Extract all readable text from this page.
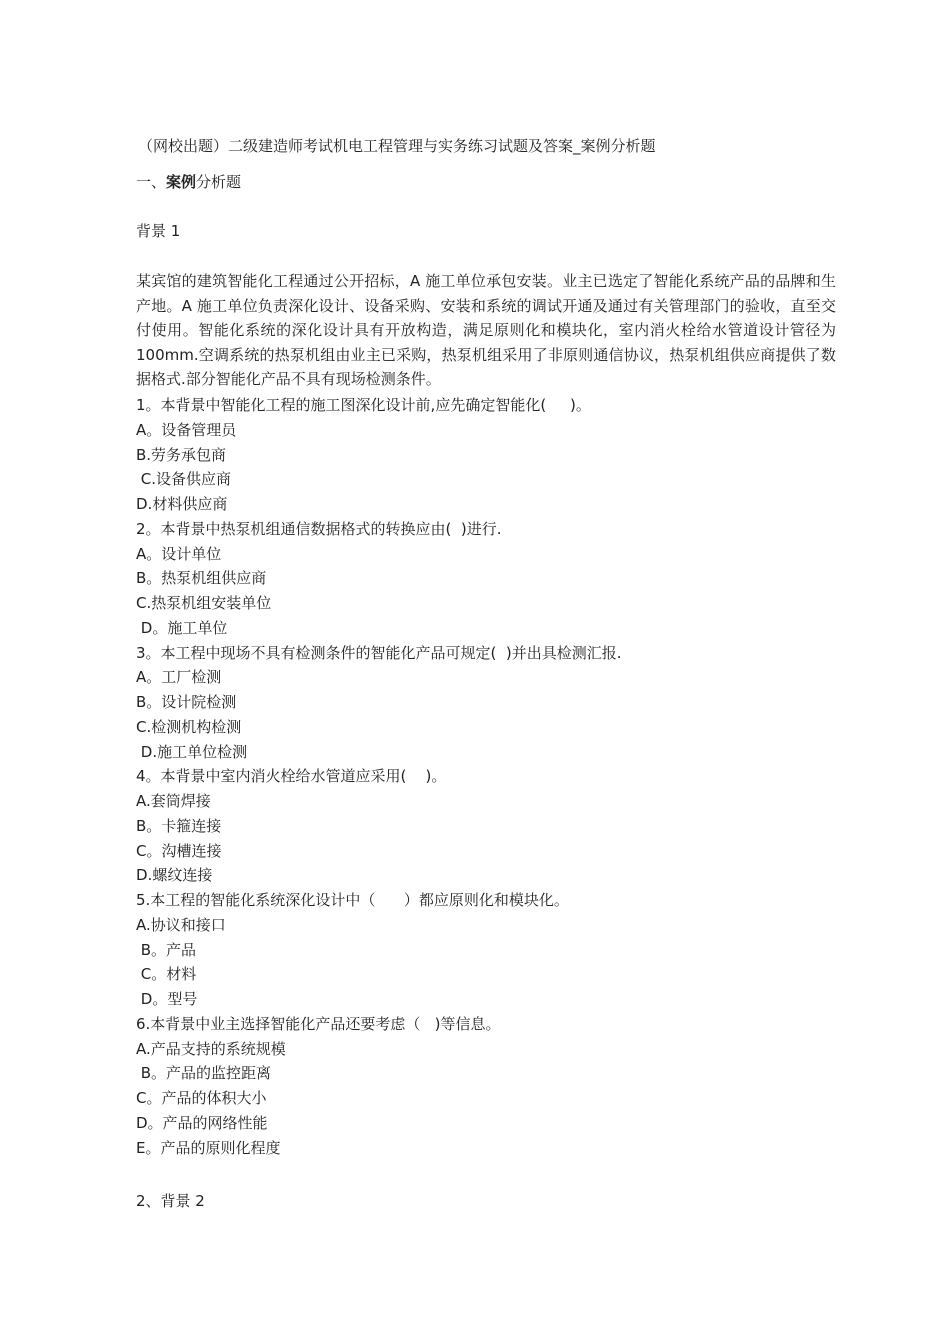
（网校出题）二级建造师考试机电工程管理与实务练习试题及答案_案例分析题
一、案例分析题
背景 1
某宾馆的建筑智能化工程通过公开招标，A 施工单位承包安装。业主已选定了智能化系统产品的品牌和生产地。A 施工单位负责深化设计、设备采购、安装和系统的调试开通及通过有关管理部门的验收，直至交付使用。智能化系统的深化设计具有开放构造，满足原则化和模块化，室内消火栓给水管道设计管径为 100mm.空调系统的热泵机组由业主已采购，热泵机组采用了非原则通信协议，热泵机组供应商提供了数据格式.部分智能化产品不具有现场检测条件。
1。本背景中智能化工程的施工图深化设计前,应先确定智能化(     )。
A。设备管理员
B.劳务承包商
C.设备供应商
D.材料供应商
2。本背景中热泵机组通信数据格式的转换应由(  )进行.
A。设计单位
B。热泵机组供应商
C.热泵机组安装单位
D。施工单位
3。本工程中现场不具有检测条件的智能化产品可规定(  )并出具检测汇报.
A。工厂检测
B。设计院检测
C.检测机构检测
D.施工单位检测
4。本背景中室内消火栓给水管道应采用(    )。
A.套筒焊接
B。卡箍连接
C。沟槽连接
D.螺纹连接
5.本工程的智能化系统深化设计中（      ）都应原则化和模块化。
A.协议和接口
B。产品
C。材料
D。型号
6.本背景中业主选择智能化产品还要考虑（   )等信息。
A.产品支持的系统规模
B。产品的监控距离
C。产品的体积大小
D。产品的网络性能
E。产品的原则化程度
2、背景 2
